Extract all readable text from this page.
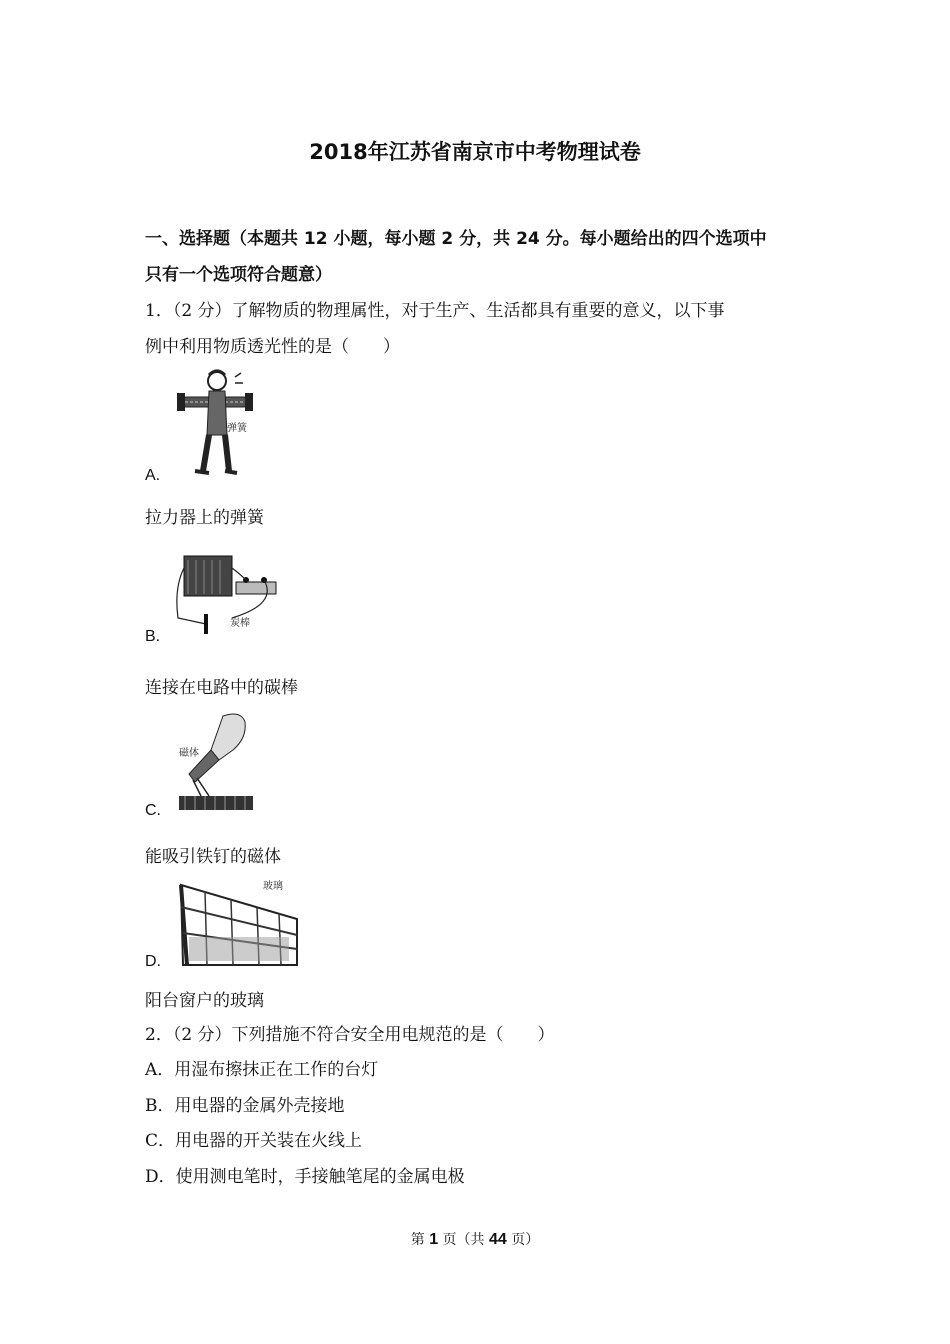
2018年江苏省南京市中考物理试卷
一、选择题（本题共 12 小题，每小题 2 分，共 24 分。每小题给出的四个选项中
只有一个选项符合题意）
1．（2 分）了解物质的物理属性，对于生产、生活都具有重要的意义，以下事
例中利用物质透光性的是（　　）
弹簧
A.
拉力器上的弹簧
炭棒
B.
连接在电路中的碳棒
磁体
C.
能吸引铁钉的磁体
玻璃
D.
阳台窗户的玻璃
2．（2 分）下列措施不符合安全用电规范的是（　　）
A．用湿布擦抹正在工作的台灯
B．用电器的金属外壳接地
C．用电器的开关装在火线上
D．使用测电笔时，手接触笔尾的金属电极
第 1 页（共 44 页）
